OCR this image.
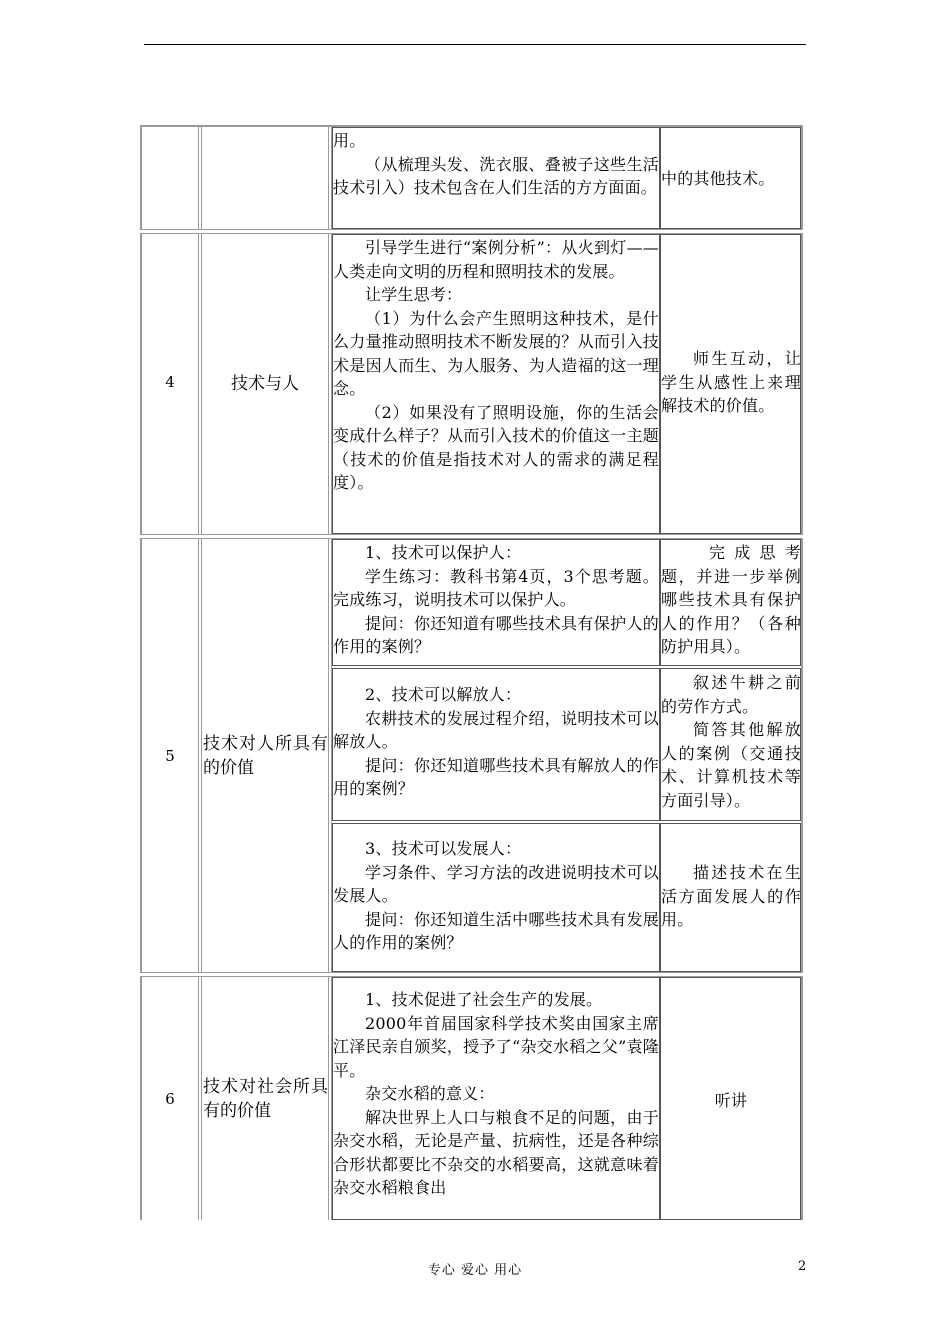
用。

（从梳理头发、洗衣服、叠被子这些生活技术引入）技术包含在人们生活的方方面面。 中的其他技术。

4	技术与人

引导学生进行“案例分析”：从火到灯——人类走向文明的历程和照明技术的发展。

让学生思考：

（1）为什么会产生照明这种技术，是什么力量推动照明技术不断发展的？从而引入技术是因人而生、为人服务、为人造福的这一理念。

（2）如果没有了照明设施，你的生活会变成什么样子？从而引入技术的价值这一主题（技术的价值是指技术对人的需求的满足程度）。

师生互动，让学生从感性上来理解技术的价值。

5
技术对人所具有的价值

1、技术可以保护人：

学生练习：教科书第4页，3个思考题。完成练习，说明技术可以保护人。

提问：你还知道有哪些技术具有保护人的作用的案例？

完成思考题，并进一步举例哪些技术具有保护人的作用？（各种防护用具）。

2、技术可以解放人：

农耕技术的发展过程介绍，说明技术可以解放人。

提问：你还知道哪些技术具有解放人的作用的案例？

叙述牛耕之前的劳作方式。

简答其他解放人的案例（交通技术、计算机技术等方面引导）。

3、技术可以发展人：

学习条件、学习方法的改进说明技术可以发展人。

提问：你还知道生活中哪些技术具有发展人的作用的案例？

描述技术在生活方面发展人的作用。

6
技术对社会所具有的价值

1、技术促进了社会生产的发展。

2000年首届国家科学技术奖由国家主席江泽民亲自颁奖，授予了“杂交水稻之父”袁隆平。

杂交水稻的意义：

解决世界上人口与粮食不足的问题，由于杂交水稻，无论是产量、抗病性，还是各种综合形状都要比不杂交的水稻要高，这就意味着杂交水稻粮食出

听讲

专心 爱心 用心	2
